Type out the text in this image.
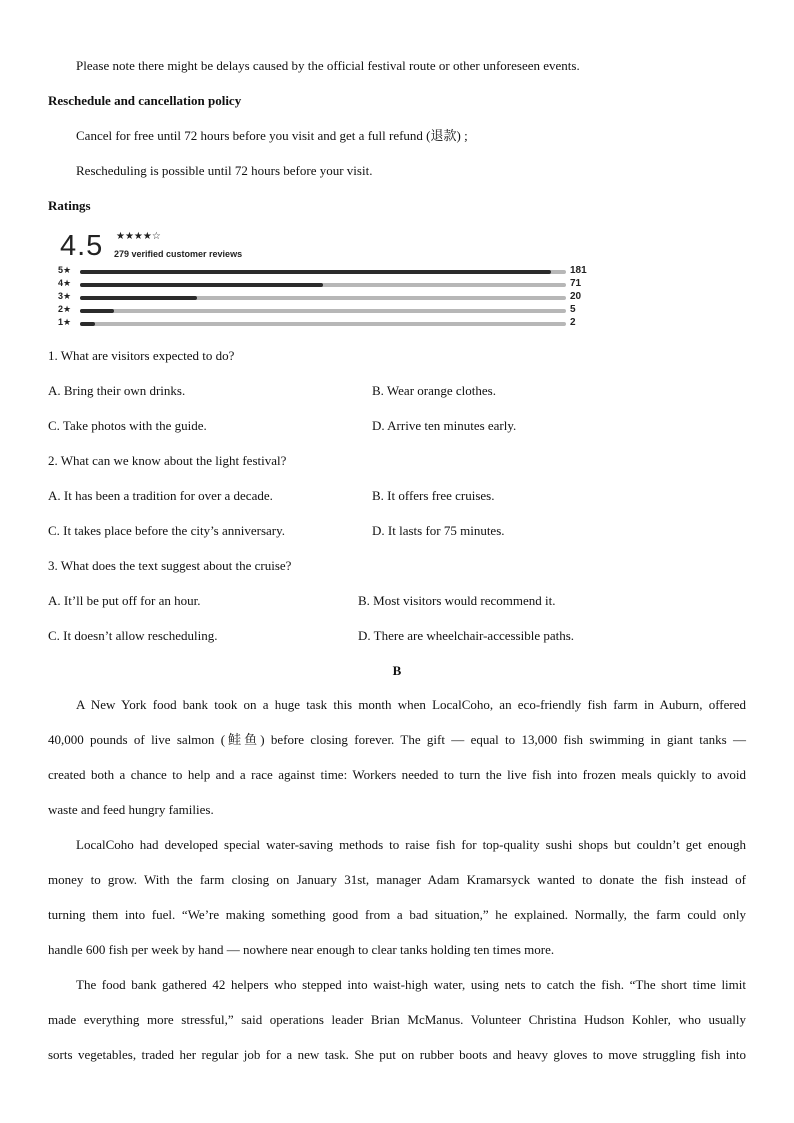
Please note there might be delays caused by the official festival route or other unforeseen events.
Reschedule and cancellation policy
Cancel for free until 72 hours before you visit and get a full refund (退款) ;
Rescheduling is possible until 72 hours before your visit.
Ratings
4.5 ★★★★☆
279 verified customer reviews
5★	181
4★	71
3★	20
2★	5
1★	2
1. What are visitors expected to do?
A. Bring their own drinks.	B. Wear orange clothes.
C. Take photos with the guide.	D. Arrive ten minutes early.
2. What can we know about the light festival?
A. It has been a tradition for over a decade.	B. It offers free cruises.
C. It takes place before the city’s anniversary.	D. It lasts for 75 minutes.
3. What does the text suggest about the cruise?
A. It’ll be put off for an hour.	B. Most visitors would recommend it.
C. It doesn’t allow rescheduling.	D. There are wheelchair-accessible paths.
B
A New York food bank took on a huge task this month when LocalCoho, an eco-friendly fish farm in Auburn, offered
40,000 pounds of live salmon (鲑鱼) before closing forever. The gift — equal to 13,000 fish swimming in giant tanks —
created both a chance to help and a race against time: Workers needed to turn the live fish into frozen meals quickly to avoid
waste and feed hungry families.
LocalCoho had developed special water-saving methods to raise fish for top-quality sushi shops but couldn’t get enough
money to grow. With the farm closing on January 31st, manager Adam Kramarsyck wanted to donate the fish instead of
turning them into fuel. “We’re making something good from a bad situation,” he explained. Normally, the farm could only
handle 600 fish per week by hand — nowhere near enough to clear tanks holding ten times more.
The food bank gathered 42 helpers who stepped into waist-high water, using nets to catch the fish. “The short time limit
made everything more stressful,” said operations leader Brian McManus. Volunteer Christina Hudson Kohler, who usually
sorts vegetables, traded her regular job for a new task. She put on rubber boots and heavy gloves to move struggling fish into
